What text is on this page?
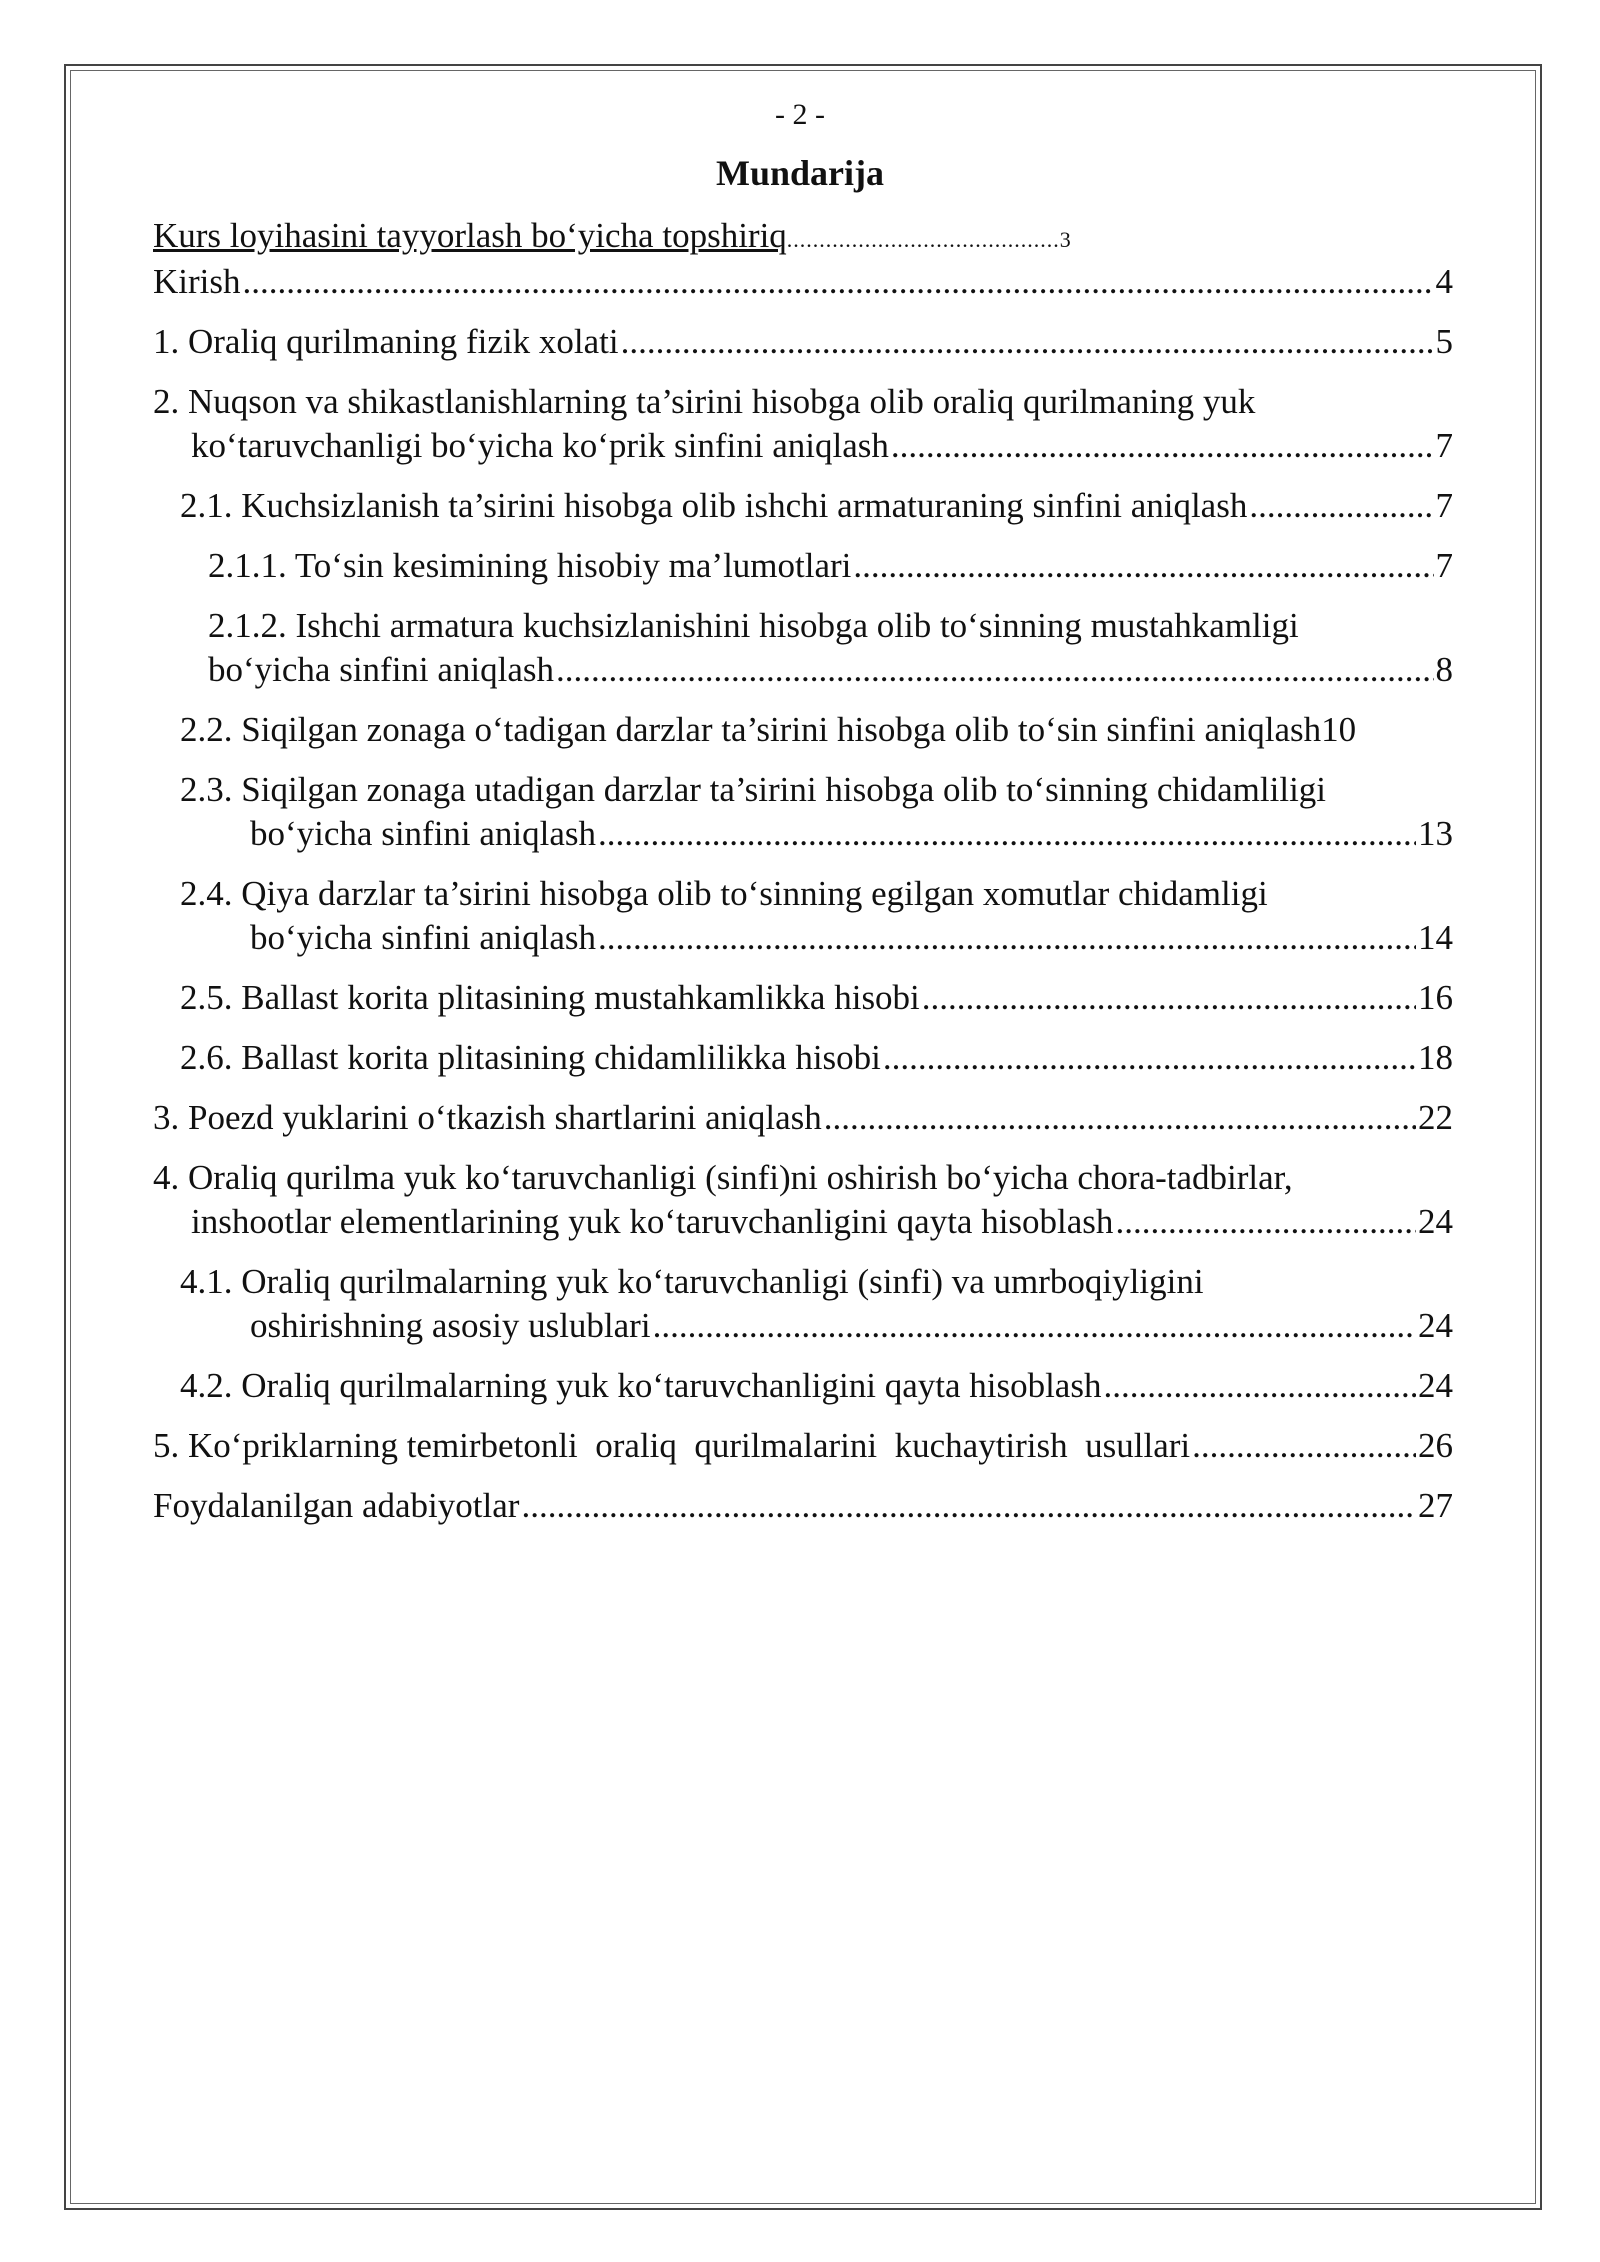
- 2 -
Mundarija
Kurs loyihasini tayyorlash bo‘yicha topshiriq..........................................3
Kirish .....	4
1. Oraliq qurilmaning fizik xolati .....	5
2. Nuqson va shikastlanishlarning ta’sirini hisobga olib oraliq qurilmaning yuk
ko‘taruvchanligi bo‘yicha ko‘prik sinfini aniqlash .....	7
2.1. Kuchsizlanish ta’sirini hisobga olib ishchi armaturaning sinfini aniqlash .....	7
2.1.1. To‘sin kesimining hisobiy ma’lumotlari .....	7
2.1.2. Ishchi armatura kuchsizlanishini hisobga olib to‘sinning mustahkamligi
bo‘yicha sinfini aniqlash .....	8
2.2. Siqilgan zonaga o‘tadigan darzlar ta’sirini hisobga olib to‘sin sinfini aniqlash 10
2.3. Siqilgan zonaga utadigan darzlar ta’sirini hisobga olib to‘sinning chidamliligi
bo‘yicha sinfini aniqlash .....	13
2.4. Qiya darzlar ta’sirini hisobga olib to‘sinning egilgan xomutlar chidamligi
bo‘yicha sinfini aniqlash .....	14
2.5. Ballast korita plitasining mustahkamlikka hisobi .....	16
2.6. Ballast korita plitasining chidamlilikka hisobi .....	18
3. Poezd yuklarini o‘tkazish shartlarini aniqlash .....	22
4. Oraliq qurilma yuk ko‘taruvchanligi (sinfi)ni oshirish bo‘yicha chora-tadbirlar,
inshootlar elementlarining yuk ko‘taruvchanligini qayta hisoblash .....	24
4.1. Oraliq qurilmalarning yuk ko‘taruvchanligi (sinfi) va umrboqiyligini
oshirishning asosiy uslublari .....	24
4.2. Oraliq qurilmalarning yuk ko‘taruvchanligini qayta hisoblash .....	24
5. Ko‘priklarning temirbetonli  oraliq  qurilmalarini  kuchaytirish  usullari .....	26
Foydalanilgan adabiyotlar .....	27
